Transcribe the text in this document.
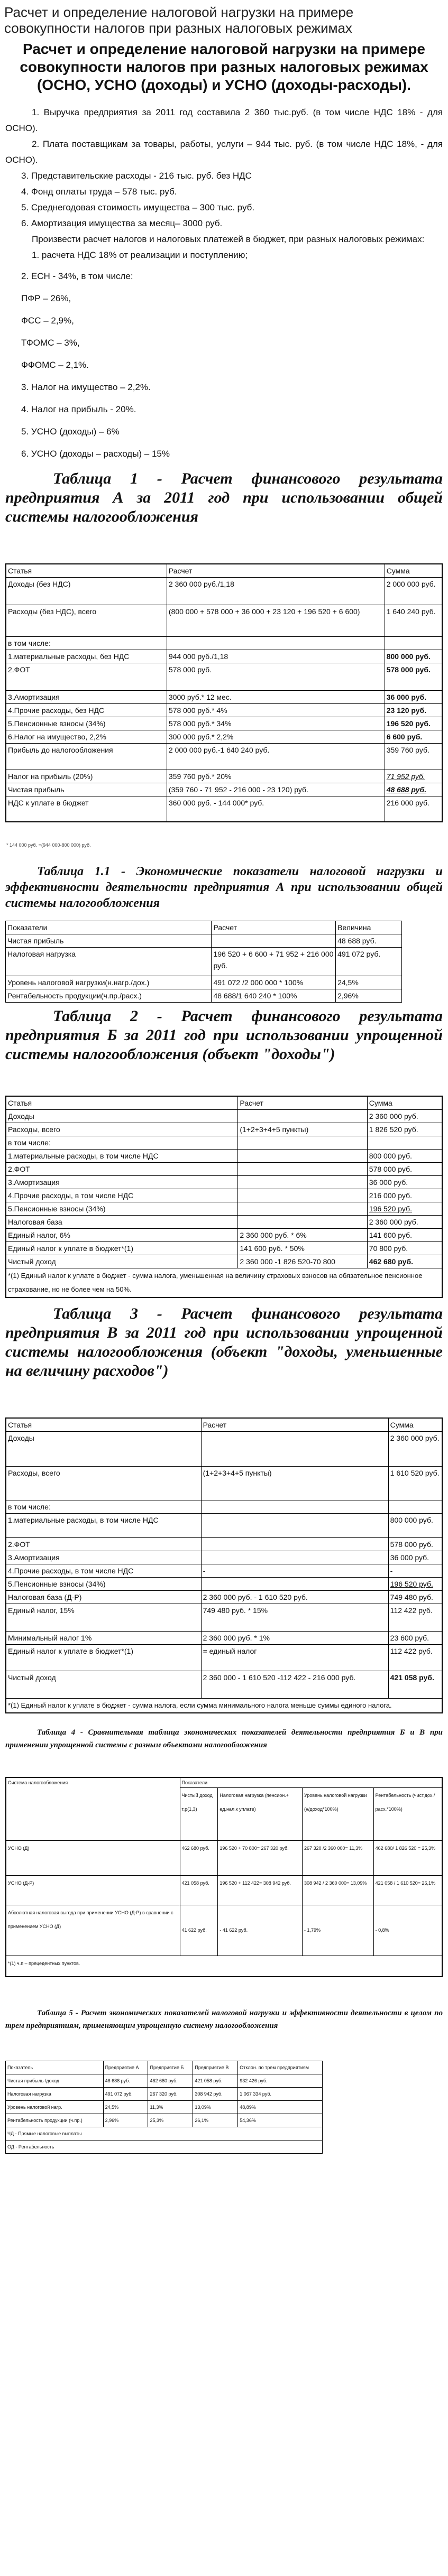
Расчет и определение налоговой нагрузки на примере совокупности налогов при разных налоговых режимах
Расчет и определение налоговой нагрузки на примере совокупности налогов при разных налоговых режимах (ОСНО, УСНО (доходы) и УСНО (доходы-расходы).
1. Выручка предприятия за 2011 год составила 2 360 тыс.руб. (в том числе НДС 18% - для ОСНО).
2. Плата поставщикам за товары, работы, услуги – 944 тыс. руб. (в том числе НДС 18%, - для ОСНО).
3. Представительские расходы - 216 тыс. руб. без НДС
4. Фонд оплаты труда – 578 тыс. руб.
5. Среднегодовая стоимость имущества – 300 тыс. руб.
6. Амортизация имущества за месяц– 3000 руб.
Произвести расчет налогов и налоговых платежей в бюджет, при разных налоговых режимах:
1. расчета НДС 18% от реализации и поступлению;
2. ЕСН - 34%, в том числе:
ПФР – 26%,
ФСС – 2,9%,
ТФОМС – 3%,
ФФОМС – 2,1%.
3. Налог на имущество – 2,2%.
4. Налог на прибыль - 20%.
5. УСНО (доходы) – 6%
6. УСНО (доходы – расходы) – 15%
Таблица 1 - Расчет финансового результата предприятия А за 2011 год при использовании общей системы налогообложения
Статья	Расчет	Сумма
Доходы (без НДС)	2 360 000 руб./1,18	2 000 000 руб.
Расходы (без НДС), всего	(800 000 + 578 000 + 36 000 + 23 120 + 196 520 + 6 600)	1 640 240 руб.
в том числе:		
1.материальные расходы, без НДС	944 000 руб./1,18	800 000 руб.
2.ФОТ	578 000 руб.	578 000 руб.
3.Амортизация	3000 руб.* 12 мес.	36 000 руб.
4.Прочие расходы, без НДС	578 000 руб.* 4%	23 120 руб.
5.Пенсионные взносы (34%)	578 000 руб.* 34%	196 520 руб.
6.Налог на имущество, 2,2%	300 000 руб.* 2,2%	6 600 руб.
Прибыль до налогообложения	2 000 000 руб.-1 640 240 руб.	359 760 руб.
Налог на прибыль (20%)	359 760 руб.* 20%	71 952 руб.
Чистая прибыль	(359 760 - 71 952 - 216 000 - 23 120) руб.	48 688 руб.
НДС к уплате в бюджет	360 000 руб. - 144 000* руб.	216 000 руб.
* 144 000 руб. =(944 000-800 000) руб.
Таблица 1.1 - Экономические показатели налоговой нагрузки и эффективности деятельности предприятия А при использовании общей системы налогообложения
Показатели	Расчет	Величина
Чистая прибыль		48 688 руб.
Налоговая нагрузка	196 520 + 6 600 + 71 952 + 216 000 руб.	491 072 руб.
Уровень налоговой нагрузки(н.нагр./дох.)	491 072 /2 000 000 * 100%	24,5%
Рентабельность продукции(ч.пр./расх.)	48 688/1 640 240 * 100%	2,96%
Таблица 2 - Расчет финансового результата предприятия Б за 2011 год при использовании упрощенной системы налогообложения (объект "доходы")
Статья	Расчет	Сумма
Доходы		2 360 000 руб.
Расходы, всего	(1+2+3+4+5 пункты)	1 826 520 руб.
в том числе:		
1.материальные расходы, в том числе НДС		800 000 руб.
2.ФОТ		578 000 руб.
3.Амортизация		36 000 руб.
4.Прочие расходы, в том числе НДС		216 000 руб.
5.Пенсионные взносы (34%)		196 520 руб.
Налоговая база		2 360 000 руб.
Единый налог, 6%	2 360 000 руб. * 6%	141 600 руб.
Единый налог к уплате в бюджет*(1)	141 600 руб. * 50%	70 800 руб.
Чистый доход	2 360 000 -1 826 520-70 800	462 680 руб.
*(1) Единый налог к уплате в бюджет - сумма налога, уменьшенная на величину страховых взносов на обязательное пенсионное страхование, но не более чем на 50%.		
Таблица 3 - Расчет финансового результата предприятия В за 2011 год при использовании упрощенной системы налогообложения (объект "доходы, уменьшенные на величину расходов")
Статья	Расчет	Сумма
Доходы		2 360 000 руб.
Расходы, всего	(1+2+3+4+5 пункты)	1 610 520 руб.
в том числе:		
1.материальные расходы, в том числе НДС		800 000 руб.
2.ФОТ		578 000 руб.
3.Амортизация		36 000 руб.
4.Прочие расходы, в том числе НДС	-	-
5.Пенсионные взносы (34%)		196 520 руб.
Налоговая база (Д-Р)	2 360 000 руб. - 1 610 520 руб.	749 480 руб.
Единый налог, 15%	749 480 руб. * 15%	112 422 руб.
Минимальный налог 1%	2 360 000 руб. * 1%	23 600 руб.
Единый налог к уплате в бюджет*(1)	= единый налог	112 422 руб.
Чистый доход	2 360 000 - 1 610 520 -112 422 - 216 000 руб.	421 058 руб.
*(1) Единый налог к уплате в бюджет - сумма налога, если сумма минимального налога меньше суммы единого налога.		
Таблица 4 - Сравнительная таблица экономических показателей деятельности предприятия Б и В при применении упрощенной системы с разным объектами налогообложения
Система налогообложения	Показатели			
	Чистый доход т.р(1,3)	Налоговая нагрузка (пенсион.+ ед.нал.к уплате)	Уровень налоговой нагрузки (н/доход*100%)	Рентабельность (чист.дох./расх.*100%)
УСНО (Д)	462 680 руб.	196 520 + 70 800= 267 320 руб.	267 320 /2 360 000= 11,3%	462 680/ 1 826 520 = 25,3%
УСНО (Д-Р)	421 058 руб.	196 520 + 112 422= 308 942 руб.	308 942 / 2 360 000= 13,09%	421 058 / 1 610 520= 26,1%
Абсолютная налоговая выгода при применении УСНО (Д-Р) в сравнении с применением УСНО (Д)	41 622 руб.	- 41 622 руб.	- 1,79%	- 0,8%
*(1) ч.п – прецедентных пунктов.				
Таблица 5 - Расчет экономических показателей налоговой нагрузки и эффективности деятельности в целом по трем предприятиям, применяющим упрощенную систему налогообложения
Показатель	Предприятие А	Предприятие Б	Предприятие В	Отклон. по трем предприятиям
Чистая прибыль /доход	48 688 руб.	462 680 руб.	421 058 руб.	932 426 руб.
Налоговая нагрузка	491 072 руб.	267 320 руб.	308 942 руб.	1 067 334 руб.
Уровень налоговой нагр.	24,5%	11,3%	13,09%	48,89%
Рентабельность продукции (ч.пр.)	2,96%	25,3%	26,1%	54,36%
ЧД - Прямые налоговые выплаты				
ОД - Рентабельность				
